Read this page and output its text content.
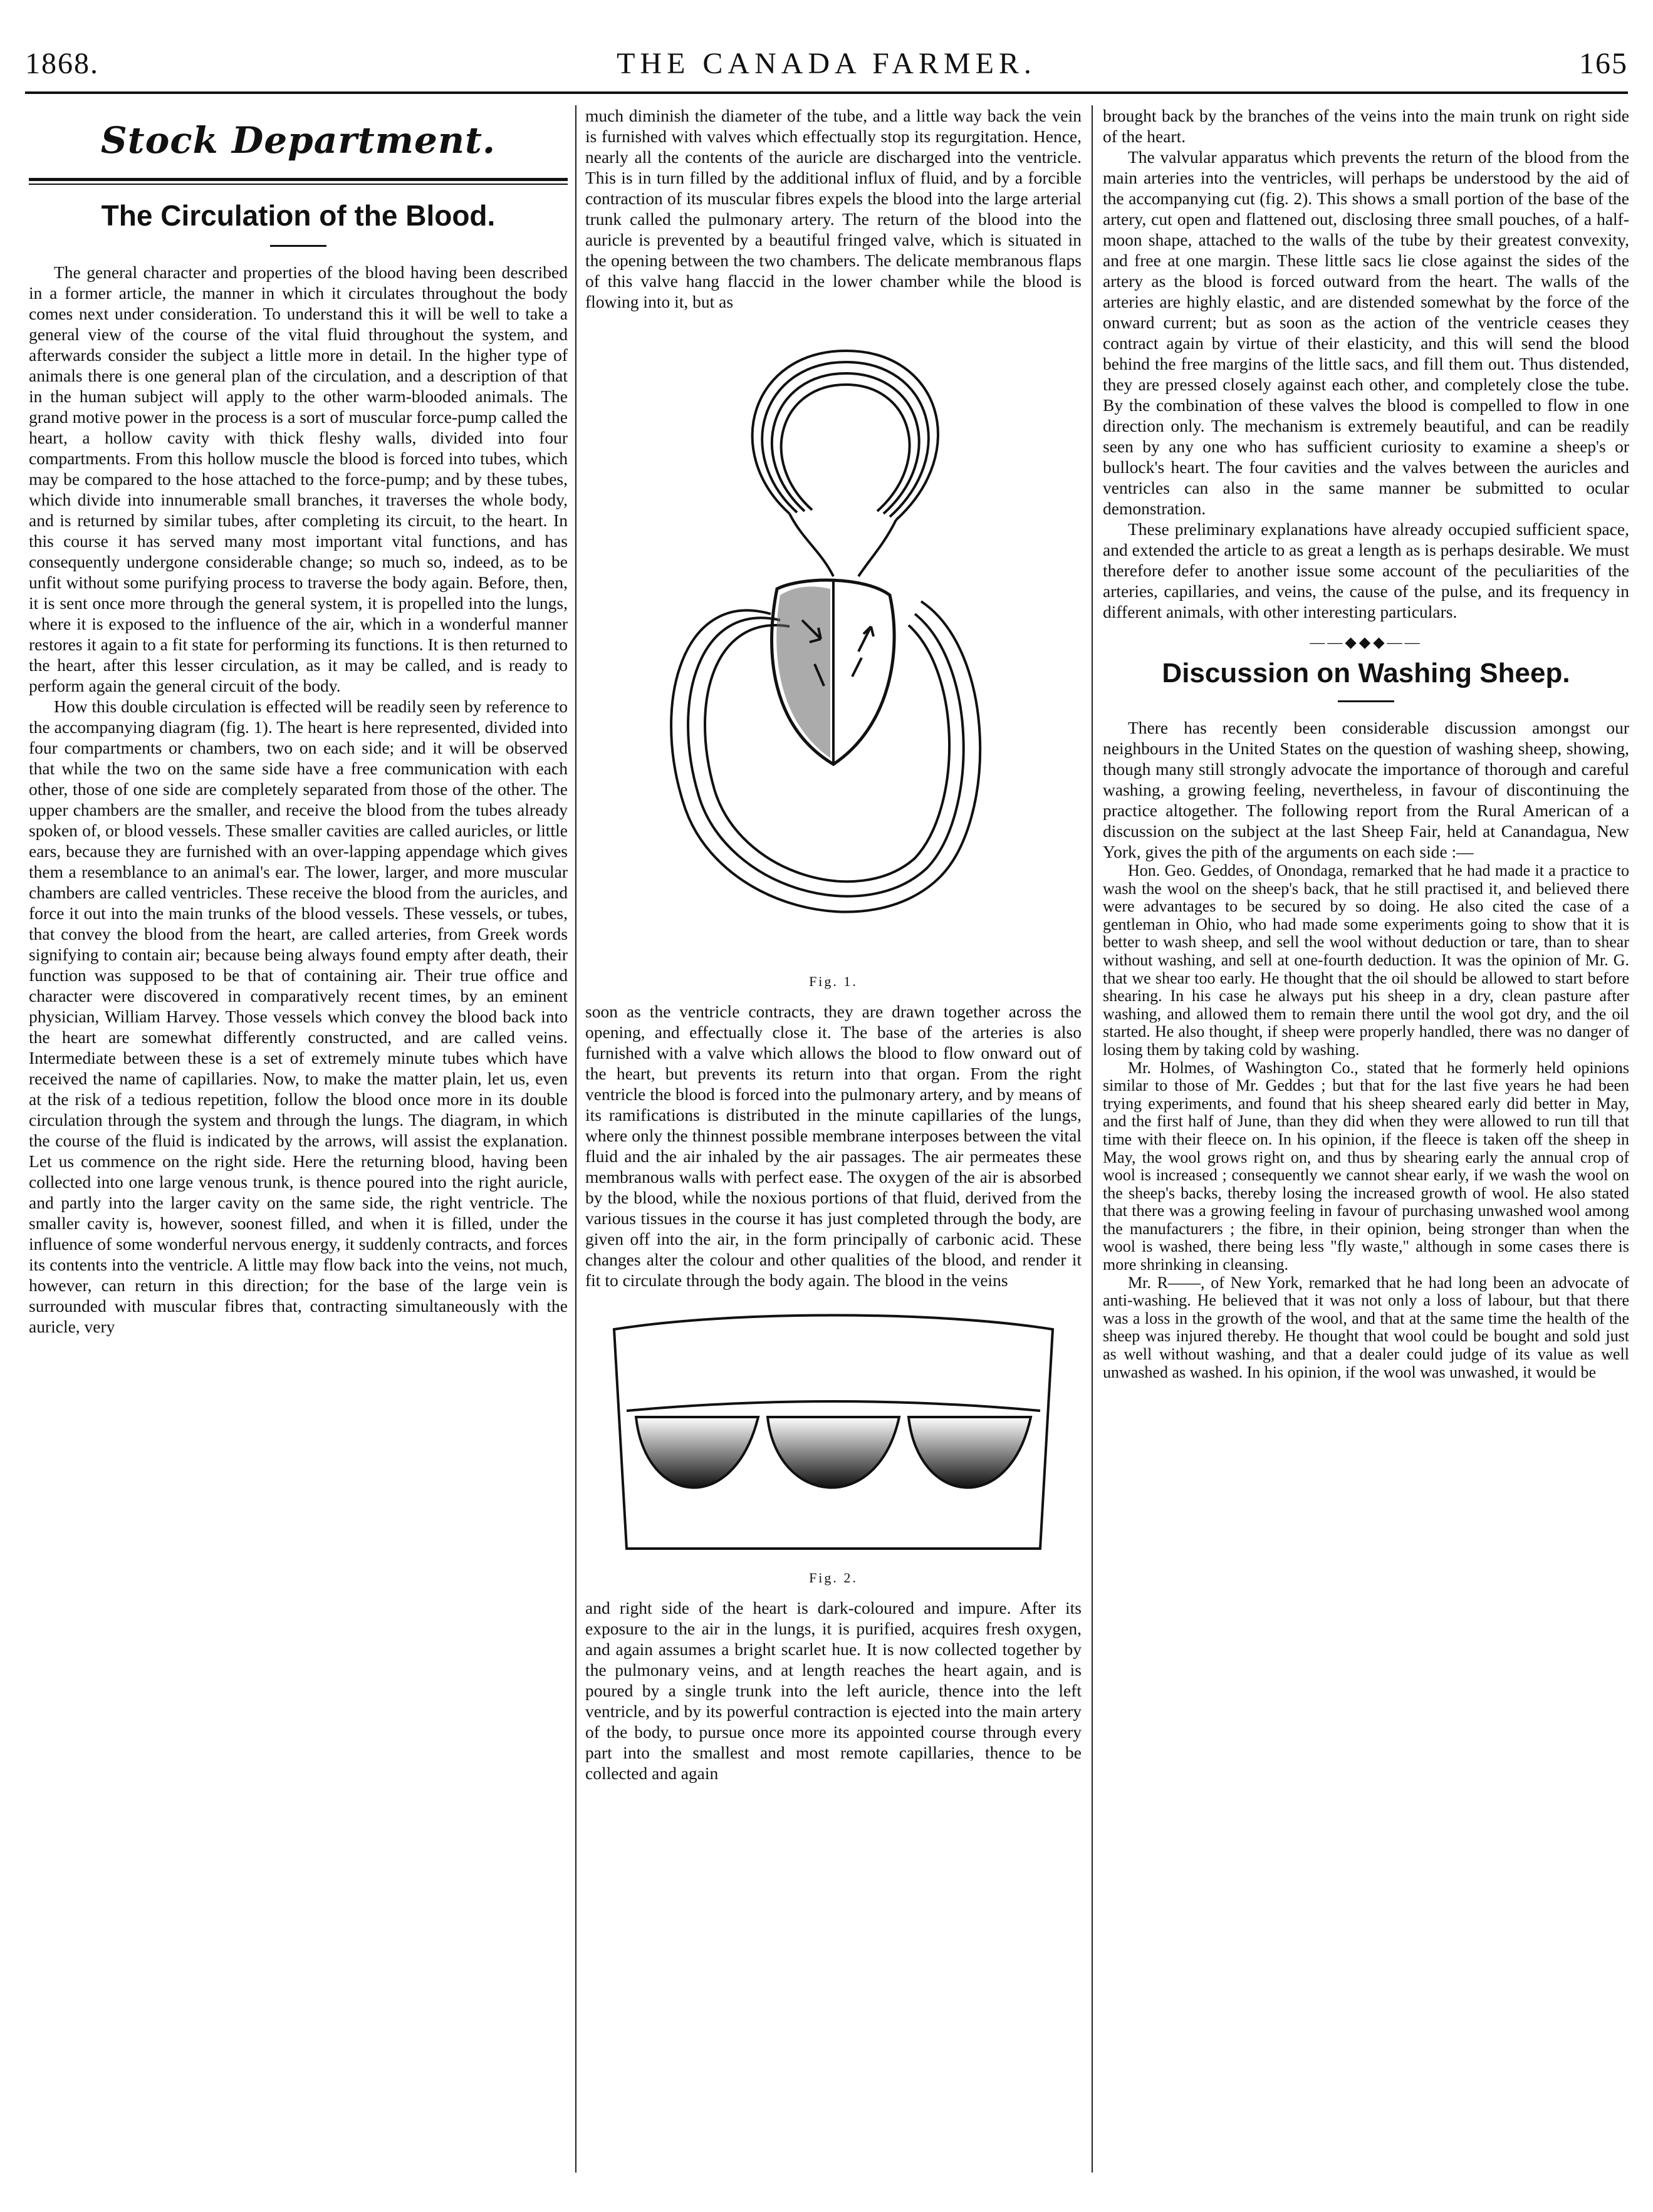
1868.	THE CANADA FARMER.	165
Stock Department.
The Circulation of the Blood.

The general character and properties of the blood having been described in a former article, the manner in which it circulates throughout the body comes next under consideration. To understand this it will be well to take a general view of the course of the vital fluid throughout the system, and afterwards consider the subject a little more in detail. In the higher type of animals there is one general plan of the circulation, and a description of that in the human subject will apply to the other warm-blooded animals. The grand motive power in the process is a sort of muscular force-pump called the heart, a hollow cavity with thick fleshy walls, divided into four compartments. From this hollow muscle the blood is forced into tubes, which may be compared to the hose attached to the force-pump; and by these tubes, which divide into innumerable small branches, it traverses the whole body, and is returned by similar tubes, after completing its circuit, to the heart. In this course it has served many most important vital functions, and has consequently undergone considerable change; so much so, indeed, as to be unfit without some purifying process to traverse the body again. Before, then, it is sent once more through the general system, it is propelled into the lungs, where it is exposed to the influence of the air, which in a wonderful manner restores it again to a fit state for performing its functions. It is then returned to the heart, after this lesser circulation, as it may be called, and is ready to perform again the general circuit of the body.

How this double circulation is effected will be readily seen by reference to the accompanying diagram (fig. 1). The heart is here represented, divided into four compartments or chambers, two on each side; and it will be observed that while the two on the same side have a free communication with each other, those of one side are completely separated from those of the other. The upper chambers are the smaller, and receive the blood from the tubes already spoken of, or blood vessels. These smaller cavities are called auricles, or little ears, because they are furnished with an over-lapping appendage which gives them a resemblance to an animal's ear. The lower, larger, and more muscular chambers are called ventricles. These receive the blood from the auricles, and force it out into the main trunks of the blood vessels. These vessels, or tubes, that convey the blood from the heart, are called arteries, from Greek words signifying to contain air; because being always found empty after death, their function was supposed to be that of containing air. Their true office and character were discovered in comparatively recent times, by an eminent physician, William Harvey. Those vessels which convey the blood back into the heart are somewhat differently constructed, and are called veins. Intermediate between these is a set of extremely minute tubes which have received the name of capillaries. Now, to make the matter plain, let us, even at the risk of a tedious repetition, follow the blood once more in its double circulation through the system and through the lungs. The diagram, in which the course of the fluid is indicated by the arrows, will assist the explanation. Let us commence on the right side. Here the returning blood, having been collected into one large venous trunk, is thence poured into the right auricle, and partly into the larger cavity on the same side, the right ventricle. The smaller cavity is, however, soonest filled, and when it is filled, under the influence of some wonderful nervous energy, it suddenly contracts, and forces its contents into the ventricle. A little may flow back into the veins, not much, however, can return in this direction; for the base of the large vein is surrounded with muscular fibres that, contracting simultaneously with the auricle, very

much diminish the diameter of the tube, and a little way back the vein is furnished with valves which effectually stop its regurgitation. Hence, nearly all the contents of the auricle are discharged into the ventricle. This is in turn filled by the additional influx of fluid, and by a forcible contraction of its muscular fibres expels the blood into the large arterial trunk called the pulmonary artery. The return of the blood into the auricle is prevented by a beautiful fringed valve, which is situated in the opening between the two chambers. The delicate membranous flaps of this valve hang flaccid in the lower chamber while the blood is flowing into it, but as

Fig. 1.

soon as the ventricle contracts, they are drawn together across the opening, and effectually close it. The base of the arteries is also furnished with a valve which allows the blood to flow onward out of the heart, but prevents its return into that organ. From the right ventricle the blood is forced into the pulmonary artery, and by means of its ramifications is distributed in the minute capillaries of the lungs, where only the thinnest possible membrane interposes between the vital fluid and the air inhaled by the air passages. The air permeates these membranous walls with perfect ease. The oxygen of the air is absorbed by the blood, while the noxious portions of that fluid, derived from the various tissues in the course it has just completed through the body, are given off into the air, in the form principally of carbonic acid. These changes alter the colour and other qualities of the blood, and render it fit to circulate through the body again. The blood in the veins

Fig. 2.

and right side of the heart is dark-coloured and impure. After its exposure to the air in the lungs, it is purified, acquires fresh oxygen, and again assumes a bright scarlet hue. It is now collected together by the pulmonary veins, and at length reaches the heart again, and is poured by a single trunk into the left auricle, thence into the left ventricle, and by its powerful contraction is ejected into the main artery of the body, to pursue once more its appointed course through every part into the smallest and most remote capillaries, thence to be collected and again

brought back by the branches of the veins into the main trunk on right side of the heart.

The valvular apparatus which prevents the return of the blood from the main arteries into the ventricles, will perhaps be understood by the aid of the accompanying cut (fig. 2). This shows a small portion of the base of the artery, cut open and flattened out, disclosing three small pouches, of a half-moon shape, attached to the walls of the tube by their greatest convexity, and free at one margin. These little sacs lie close against the sides of the artery as the blood is forced outward from the heart. The walls of the arteries are highly elastic, and are distended somewhat by the force of the onward current; but as soon as the action of the ventricle ceases they contract again by virtue of their elasticity, and this will send the blood behind the free margins of the little sacs, and fill them out. Thus distended, they are pressed closely against each other, and completely close the tube. By the combination of these valves the blood is compelled to flow in one direction only. The mechanism is extremely beautiful, and can be readily seen by any one who has sufficient curiosity to examine a sheep's or bullock's heart. The four cavities and the valves between the auricles and ventricles can also in the same manner be submitted to ocular demonstration.

These preliminary explanations have already occupied sufficient space, and extended the article to as great a length as is perhaps desirable. We must therefore defer to another issue some account of the peculiarities of the arteries, capillaries, and veins, the cause of the pulse, and its frequency in different animals, with other interesting particulars.

——◆◆◆——
Discussion on Washing Sheep.

There has recently been considerable discussion amongst our neighbours in the United States on the question of washing sheep, showing, though many still strongly advocate the importance of thorough and careful washing, a growing feeling, nevertheless, in favour of discontinuing the practice altogether. The following report from the Rural American of a discussion on the subject at the last Sheep Fair, held at Canandagua, New York, gives the pith of the arguments on each side :—

Hon. Geo. Geddes, of Onondaga, remarked that he had made it a practice to wash the wool on the sheep's back, that he still practised it, and believed there were advantages to be secured by so doing. He also cited the case of a gentleman in Ohio, who had made some experiments going to show that it is better to wash sheep, and sell the wool without deduction or tare, than to shear without washing, and sell at one-fourth deduction. It was the opinion of Mr. G. that we shear too early. He thought that the oil should be allowed to start before shearing. In his case he always put his sheep in a dry, clean pasture after washing, and allowed them to remain there until the wool got dry, and the oil started. He also thought, if sheep were properly handled, there was no danger of losing them by taking cold by washing.

Mr. Holmes, of Washington Co., stated that he formerly held opinions similar to those of Mr. Geddes ; but that for the last five years he had been trying experiments, and found that his sheep sheared early did better in May, and the first half of June, than they did when they were allowed to run till that time with their fleece on. In his opinion, if the fleece is taken off the sheep in May, the wool grows right on, and thus by shearing early the annual crop of wool is increased ; consequently we cannot shear early, if we wash the wool on the sheep's backs, thereby losing the increased growth of wool. He also stated that there was a growing feeling in favour of purchasing unwashed wool among the manufacturers ; the fibre, in their opinion, being stronger than when the wool is washed, there being less "fly waste," although in some cases there is more shrinking in cleansing.

Mr. R——, of New York, remarked that he had long been an advocate of anti-washing. He believed that it was not only a loss of labour, but that there was a loss in the growth of the wool, and that at the same time the health of the sheep was injured thereby. He thought that wool could be bought and sold just as well without washing, and that a dealer could judge of its value as well unwashed as washed. In his opinion, if the wool was unwashed, it would be
